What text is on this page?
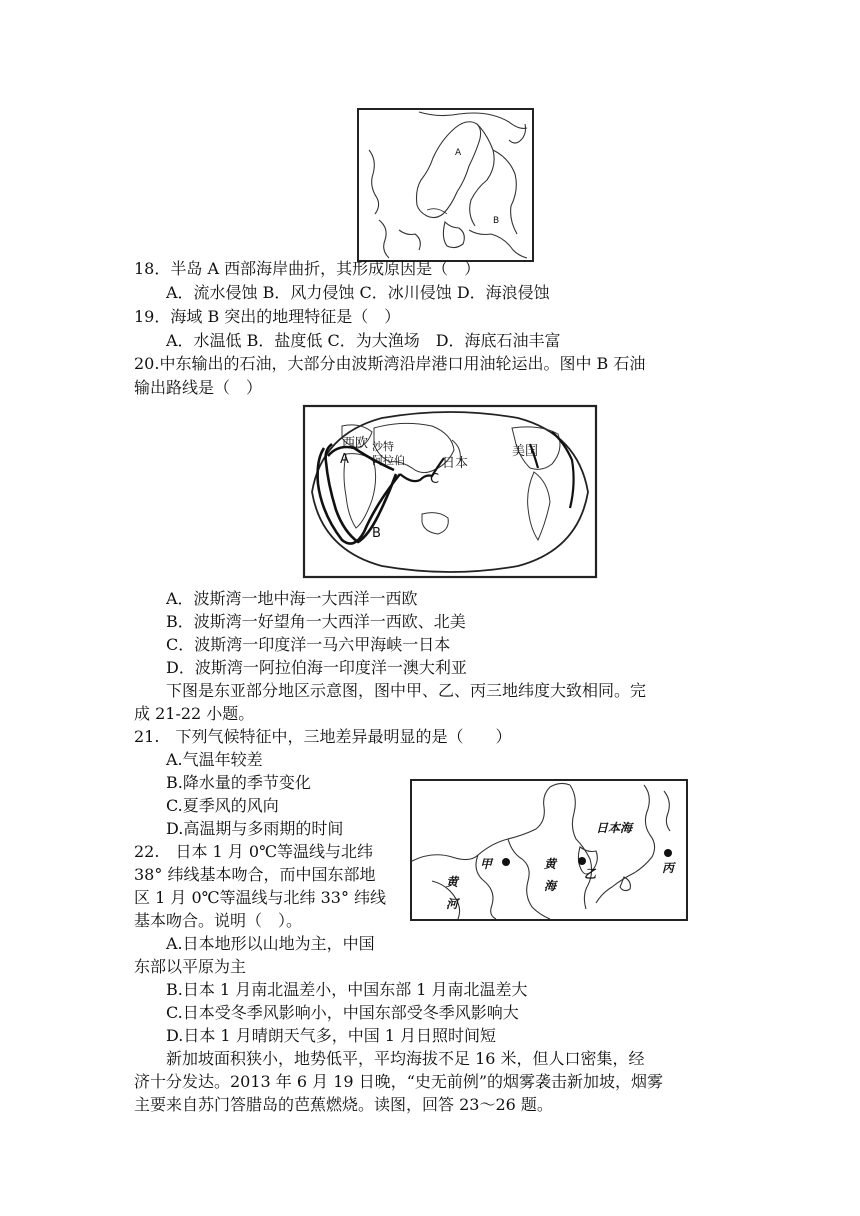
A
B
18．半岛 A 西部海岸曲折，其形成原因是（　）
A．流水侵蚀 B．风力侵蚀 C．冰川侵蚀 D．海浪侵蚀
19．海域 B 突出的地理特征是（　）
A．水温低 B．盐度低 C．为大渔场　D．海底石油丰富
20.中东输出的石油，大部分由波斯湾沿岸港口用油轮运出。图中 B 石油
输出路线是（　）
西欧 沙特
阿拉伯	日本
美国
A
B
C
A．波斯湾一地中海一大西洋一西欧
B．波斯湾一好望角一大西洋一西欧、北美
C．波斯湾一印度洋一马六甲海峡一日本
D．波斯湾一阿拉伯海一印度洋一澳大利亚
下图是东亚部分地区示意图，图中甲、乙、丙三地纬度大致相同。完
成 21-22 小题。
21.　下列气候特征中，三地差异最明显的是（　　）
A.气温年较差
B.降水量的季节变化
C.夏季风的风向
D.高温期与多雨期的时间	日本海
甲
乙	丙
黄
海
黄
河
22.　日本 1 月 0℃等温线与北纬
38° 纬线基本吻合，而中国东部地
区 1 月 0℃等温线与北纬 33° 纬线
基本吻合。说明（　）。
A.日本地形以山地为主，中国
东部以平原为主
B.日本 1 月南北温差小，中国东部 1 月南北温差大
C.日本受冬季风影响小，中国东部受冬季风影响大
D.日本 1 月晴朗天气多，中国 1 月日照时间短
新加坡面积狭小，地势低平，平均海拔不足 16 米，但人口密集，经
济十分发达。2013 年 6 月 19 日晚，“史无前例”的烟雾袭击新加坡，烟雾
主要来自苏门答腊岛的芭蕉燃烧。读图，回答 23～26 题。
